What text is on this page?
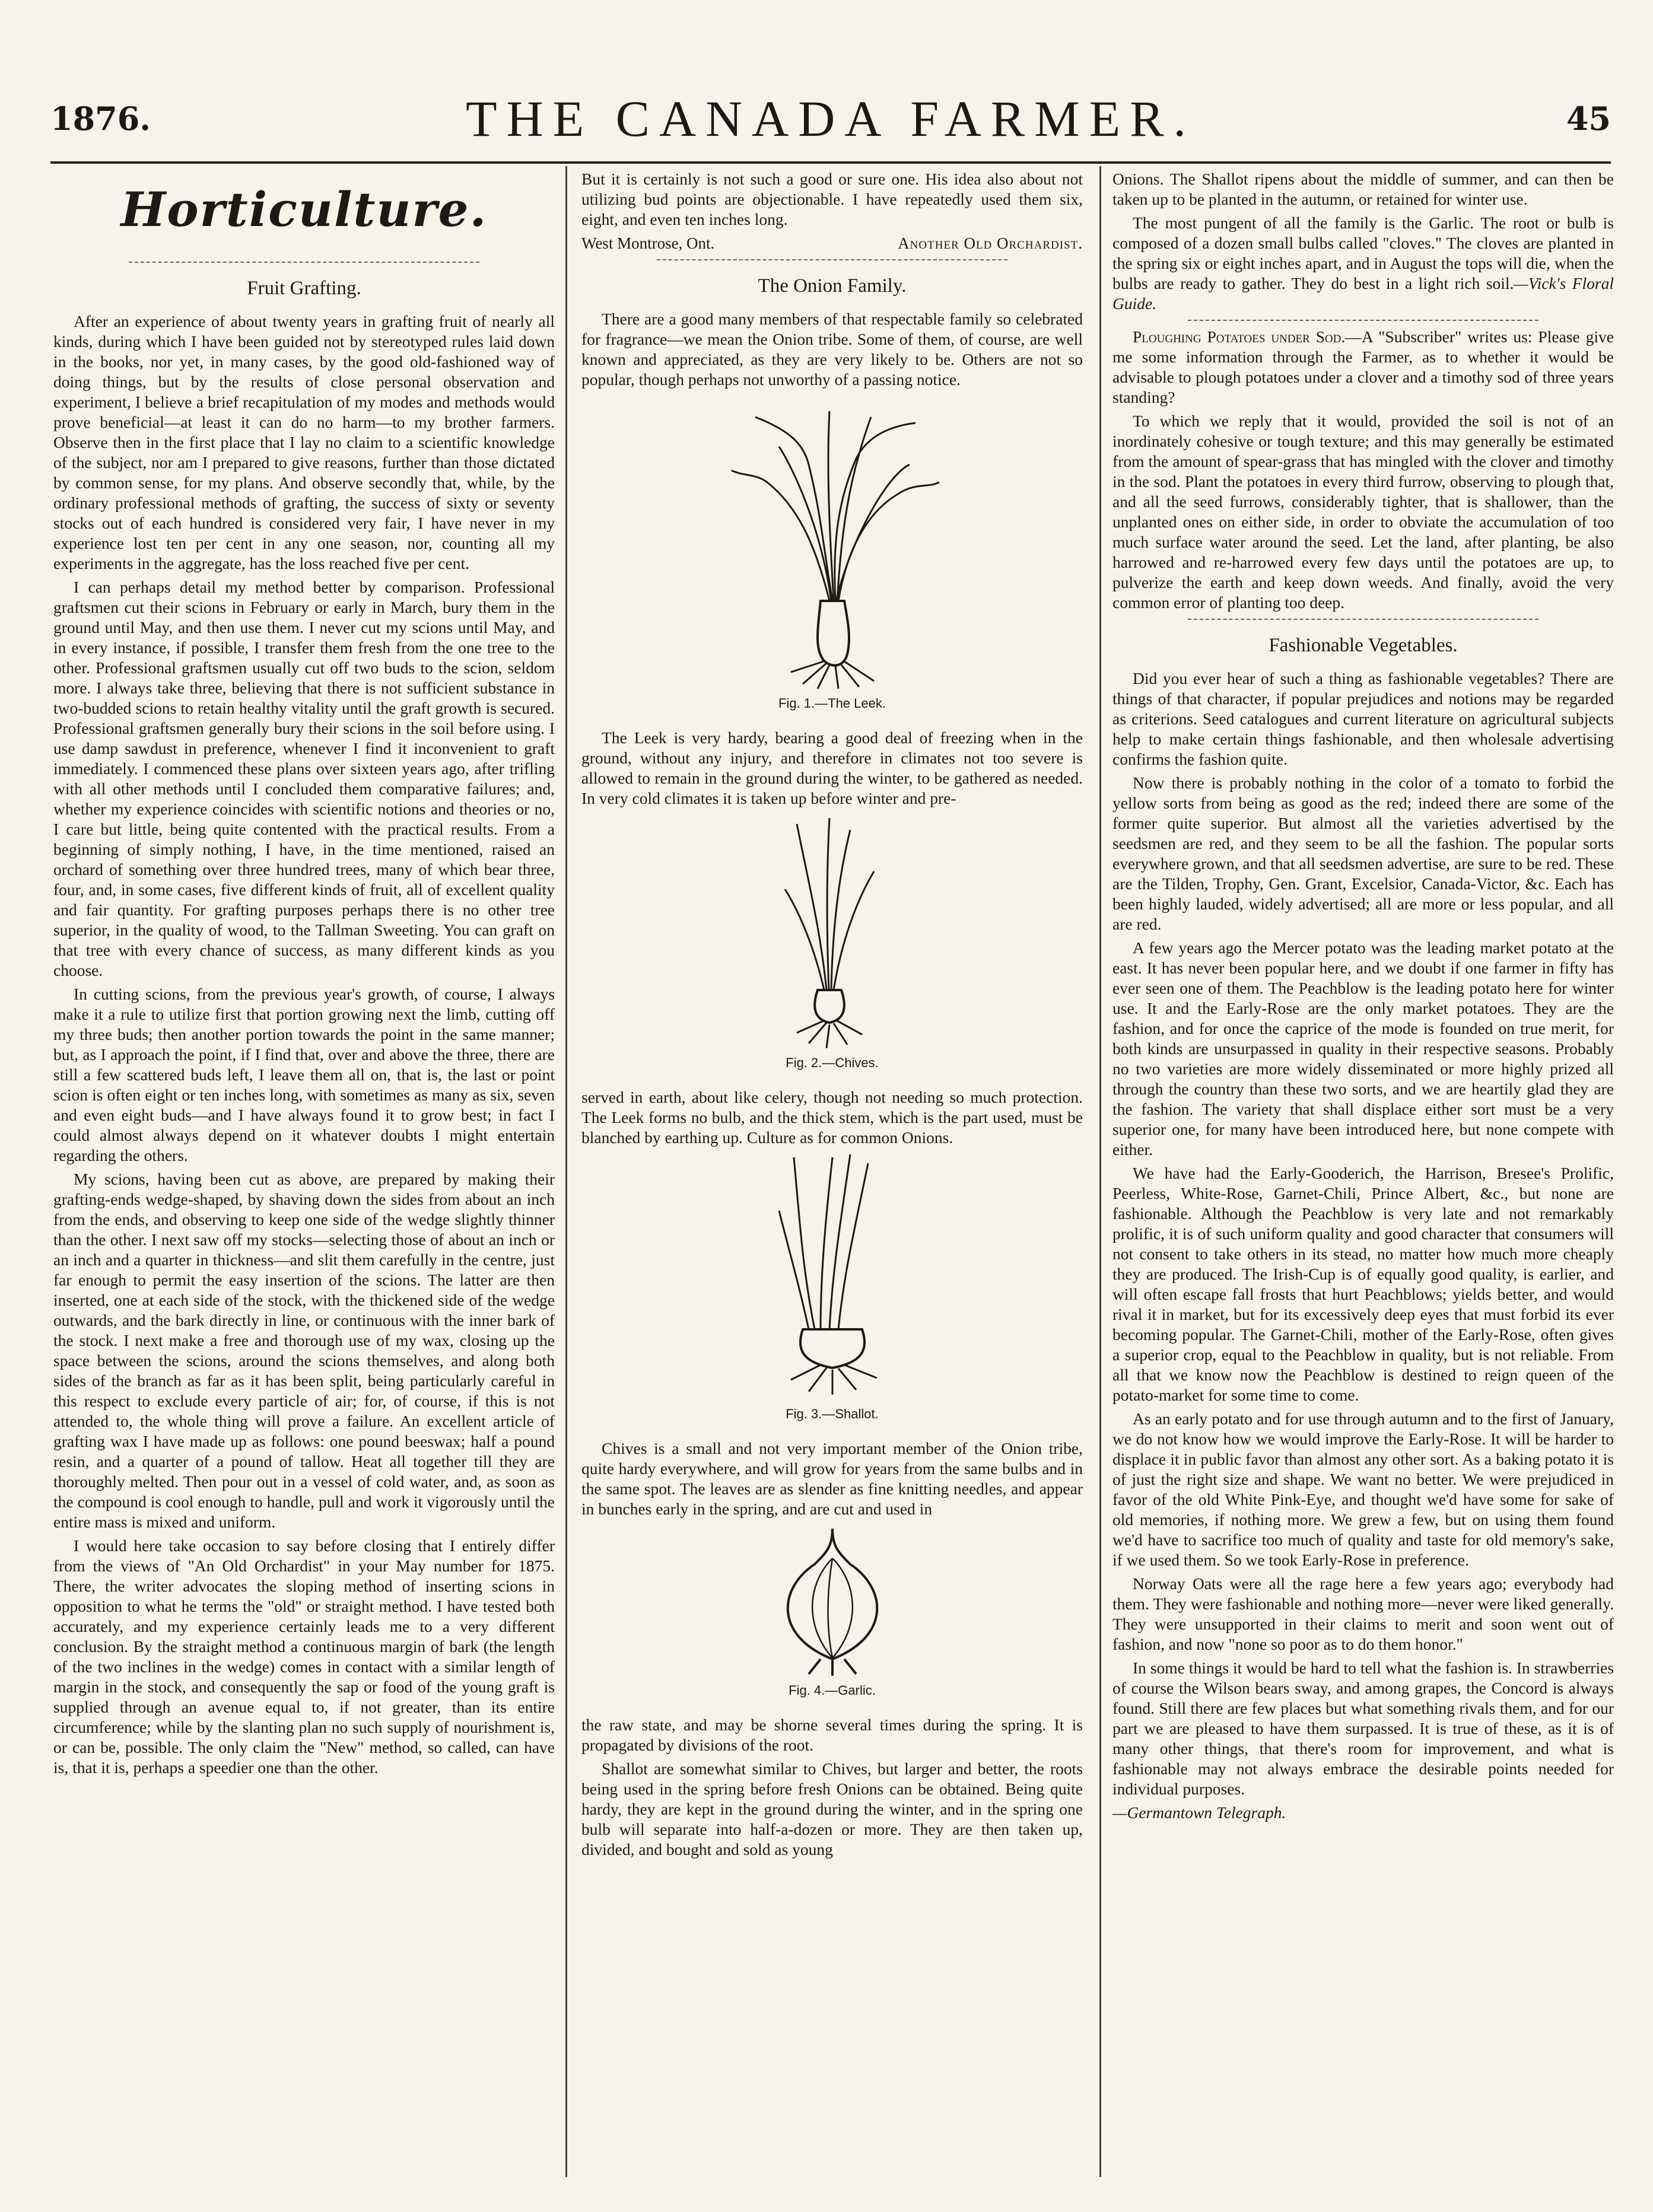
1876.	THE CANADA FARMER.	45
Horticulture.
Fruit Grafting.

After an experience of about twenty years in grafting fruit of nearly all kinds, during which I have been guided not by stereotyped rules laid down in the books, nor yet, in many cases, by the good old-fashioned way of doing things, but by the results of close personal observation and experiment, I believe a brief recapitulation of my modes and methods would prove beneficial—at least it can do no harm—to my brother farmers. Observe then in the first place that I lay no claim to a scientific knowledge of the subject, nor am I prepared to give reasons, further than those dictated by common sense, for my plans. And observe secondly that, while, by the ordinary professional methods of grafting, the success of sixty or seventy stocks out of each hundred is considered very fair, I have never in my experience lost ten per cent in any one season, nor, counting all my experiments in the aggregate, has the loss reached five per cent.

I can perhaps detail my method better by comparison. Professional graftsmen cut their scions in February or early in March, bury them in the ground until May, and then use them. I never cut my scions until May, and in every instance, if possible, I transfer them fresh from the one tree to the other. Professional graftsmen usually cut off two buds to the scion, seldom more. I always take three, believing that there is not sufficient substance in two-budded scions to retain healthy vitality until the graft growth is secured. Professional graftsmen generally bury their scions in the soil before using. I use damp sawdust in preference, whenever I find it inconvenient to graft immediately. I commenced these plans over sixteen years ago, after trifling with all other methods until I concluded them comparative failures; and, whether my experience coincides with scientific notions and theories or no, I care but little, being quite contented with the practical results. From a beginning of simply nothing, I have, in the time mentioned, raised an orchard of something over three hundred trees, many of which bear three, four, and, in some cases, five different kinds of fruit, all of excellent quality and fair quantity. For grafting purposes perhaps there is no other tree superior, in the quality of wood, to the Tallman Sweeting. You can graft on that tree with every chance of success, as many different kinds as you choose.

In cutting scions, from the previous year's growth, of course, I always make it a rule to utilize first that portion growing next the limb, cutting off my three buds; then another portion towards the point in the same manner; but, as I approach the point, if I find that, over and above the three, there are still a few scattered buds left, I leave them all on, that is, the last or point scion is often eight or ten inches long, with sometimes as many as six, seven and even eight buds—and I have always found it to grow best; in fact I could almost always depend on it whatever doubts I might entertain regarding the others.

My scions, having been cut as above, are prepared by making their grafting-ends wedge-shaped, by shaving down the sides from about an inch from the ends, and observing to keep one side of the wedge slightly thinner than the other. I next saw off my stocks—selecting those of about an inch or an inch and a quarter in thickness—and slit them carefully in the centre, just far enough to permit the easy insertion of the scions. The latter are then inserted, one at each side of the stock, with the thickened side of the wedge outwards, and the bark directly in line, or continuous with the inner bark of the stock. I next make a free and thorough use of my wax, closing up the space between the scions, around the scions themselves, and along both sides of the branch as far as it has been split, being particularly careful in this respect to exclude every particle of air; for, of course, if this is not attended to, the whole thing will prove a failure. An excellent article of grafting wax I have made up as follows: one pound beeswax; half a pound resin, and a quarter of a pound of tallow. Heat all together till they are thoroughly melted. Then pour out in a vessel of cold water, and, as soon as the compound is cool enough to handle, pull and work it vigorously until the entire mass is mixed and uniform.

I would here take occasion to say before closing that I entirely differ from the views of "An Old Orchardist" in your May number for 1875. There, the writer advocates the sloping method of inserting scions in opposition to what he terms the "old" or straight method. I have tested both accurately, and my experience certainly leads me to a very different conclusion. By the straight method a continuous margin of bark (the length of the two inclines in the wedge) comes in contact with a similar length of margin in the stock, and consequently the sap or food of the young graft is supplied through an avenue equal to, if not greater, than its entire circumference; while by the slanting plan no such supply of nourishment is, or can be, possible. The only claim the "New" method, so called, can have is, that it is, perhaps a speedier one than the other.

But it is certainly is not such a good or sure one. His idea also about not utilizing bud points are objectionable. I have repeatedly used them six, eight, and even ten inches long.

West Montrose, Ont.	Another Old Orchardist.
The Onion Family.

There are a good many members of that respectable family so celebrated for fragrance—we mean the Onion tribe. Some of them, of course, are well known and appreciated, as they are very likely to be. Others are not so popular, though perhaps not unworthy of a passing notice.

Fig. 1.—The Leek.

The Leek is very hardy, bearing a good deal of freezing when in the ground, without any injury, and therefore in climates not too severe is allowed to remain in the ground during the winter, to be gathered as needed. In very cold climates it is taken up before winter and pre-

Fig. 2.—Chives.

served in earth, about like celery, though not needing so much protection. The Leek forms no bulb, and the thick stem, which is the part used, must be blanched by earthing up. Culture as for common Onions.

Fig. 3.—Shallot.

Chives is a small and not very important member of the Onion tribe, quite hardy everywhere, and will grow for years from the same bulbs and in the same spot. The leaves are as slender as fine knitting needles, and appear in bunches early in the spring, and are cut and used in

Fig. 4.—Garlic.

the raw state, and may be shorne several times during the spring. It is propagated by divisions of the root.

Shallot are somewhat similar to Chives, but larger and better, the roots being used in the spring before fresh Onions can be obtained. Being quite hardy, they are kept in the ground during the winter, and in the spring one bulb will separate into half-a-dozen or more. They are then taken up, divided, and bought and sold as young

Onions. The Shallot ripens about the middle of summer, and can then be taken up to be planted in the autumn, or retained for winter use.

The most pungent of all the family is the Garlic. The root or bulb is composed of a dozen small bulbs called "cloves." The cloves are planted in the spring six or eight inches apart, and in August the tops will die, when the bulbs are ready to gather. They do best in a light rich soil.—Vick's Floral Guide.

Ploughing Potatoes under Sod.—A "Subscriber" writes us: Please give me some information through the Farmer, as to whether it would be advisable to plough potatoes under a clover and a timothy sod of three years standing?

To which we reply that it would, provided the soil is not of an inordinately cohesive or tough texture; and this may generally be estimated from the amount of spear-grass that has mingled with the clover and timothy in the sod. Plant the potatoes in every third furrow, observing to plough that, and all the seed furrows, considerably tighter, that is shallower, than the unplanted ones on either side, in order to obviate the accumulation of too much surface water around the seed. Let the land, after planting, be also harrowed and re-harrowed every few days until the potatoes are up, to pulverize the earth and keep down weeds. And finally, avoid the very common error of planting too deep.

Fashionable Vegetables.

Did you ever hear of such a thing as fashionable vegetables? There are things of that character, if popular prejudices and notions may be regarded as criterions. Seed catalogues and current literature on agricultural subjects help to make certain things fashionable, and then wholesale advertising confirms the fashion quite.

Now there is probably nothing in the color of a tomato to forbid the yellow sorts from being as good as the red; indeed there are some of the former quite superior. But almost all the varieties advertised by the seedsmen are red, and they seem to be all the fashion. The popular sorts everywhere grown, and that all seedsmen advertise, are sure to be red. These are the Tilden, Trophy, Gen. Grant, Excelsior, Canada-Victor, &c. Each has been highly lauded, widely advertised; all are more or less popular, and all are red.

A few years ago the Mercer potato was the leading market potato at the east. It has never been popular here, and we doubt if one farmer in fifty has ever seen one of them. The Peachblow is the leading potato here for winter use. It and the Early-Rose are the only market potatoes. They are the fashion, and for once the caprice of the mode is founded on true merit, for both kinds are unsurpassed in quality in their respective seasons. Probably no two varieties are more widely disseminated or more highly prized all through the country than these two sorts, and we are heartily glad they are the fashion. The variety that shall displace either sort must be a very superior one, for many have been introduced here, but none compete with either.

We have had the Early-Gooderich, the Harrison, Bresee's Prolific, Peerless, White-Rose, Garnet-Chili, Prince Albert, &c., but none are fashionable. Although the Peachblow is very late and not remarkably prolific, it is of such uniform quality and good character that consumers will not consent to take others in its stead, no matter how much more cheaply they are produced. The Irish-Cup is of equally good quality, is earlier, and will often escape fall frosts that hurt Peachblows; yields better, and would rival it in market, but for its excessively deep eyes that must forbid its ever becoming popular. The Garnet-Chili, mother of the Early-Rose, often gives a superior crop, equal to the Peachblow in quality, but is not reliable. From all that we know now the Peachblow is destined to reign queen of the potato-market for some time to come.

As an early potato and for use through autumn and to the first of January, we do not know how we would improve the Early-Rose. It will be harder to displace it in public favor than almost any other sort. As a baking potato it is of just the right size and shape. We want no better. We were prejudiced in favor of the old White Pink-Eye, and thought we'd have some for sake of old memories, if nothing more. We grew a few, but on using them found we'd have to sacrifice too much of quality and taste for old memory's sake, if we used them. So we took Early-Rose in preference.

Norway Oats were all the rage here a few years ago; everybody had them. They were fashionable and nothing more—never were liked generally. They were unsupported in their claims to merit and soon went out of fashion, and now "none so poor as to do them honor."

In some things it would be hard to tell what the fashion is. In strawberries of course the Wilson bears sway, and among grapes, the Concord is always found. Still there are few places but what something rivals them, and for our part we are pleased to have them surpassed. It is true of these, as it is of many other things, that there's room for improvement, and what is fashionable may not always embrace the desirable points needed for individual purposes.

—Germantown Telegraph.
